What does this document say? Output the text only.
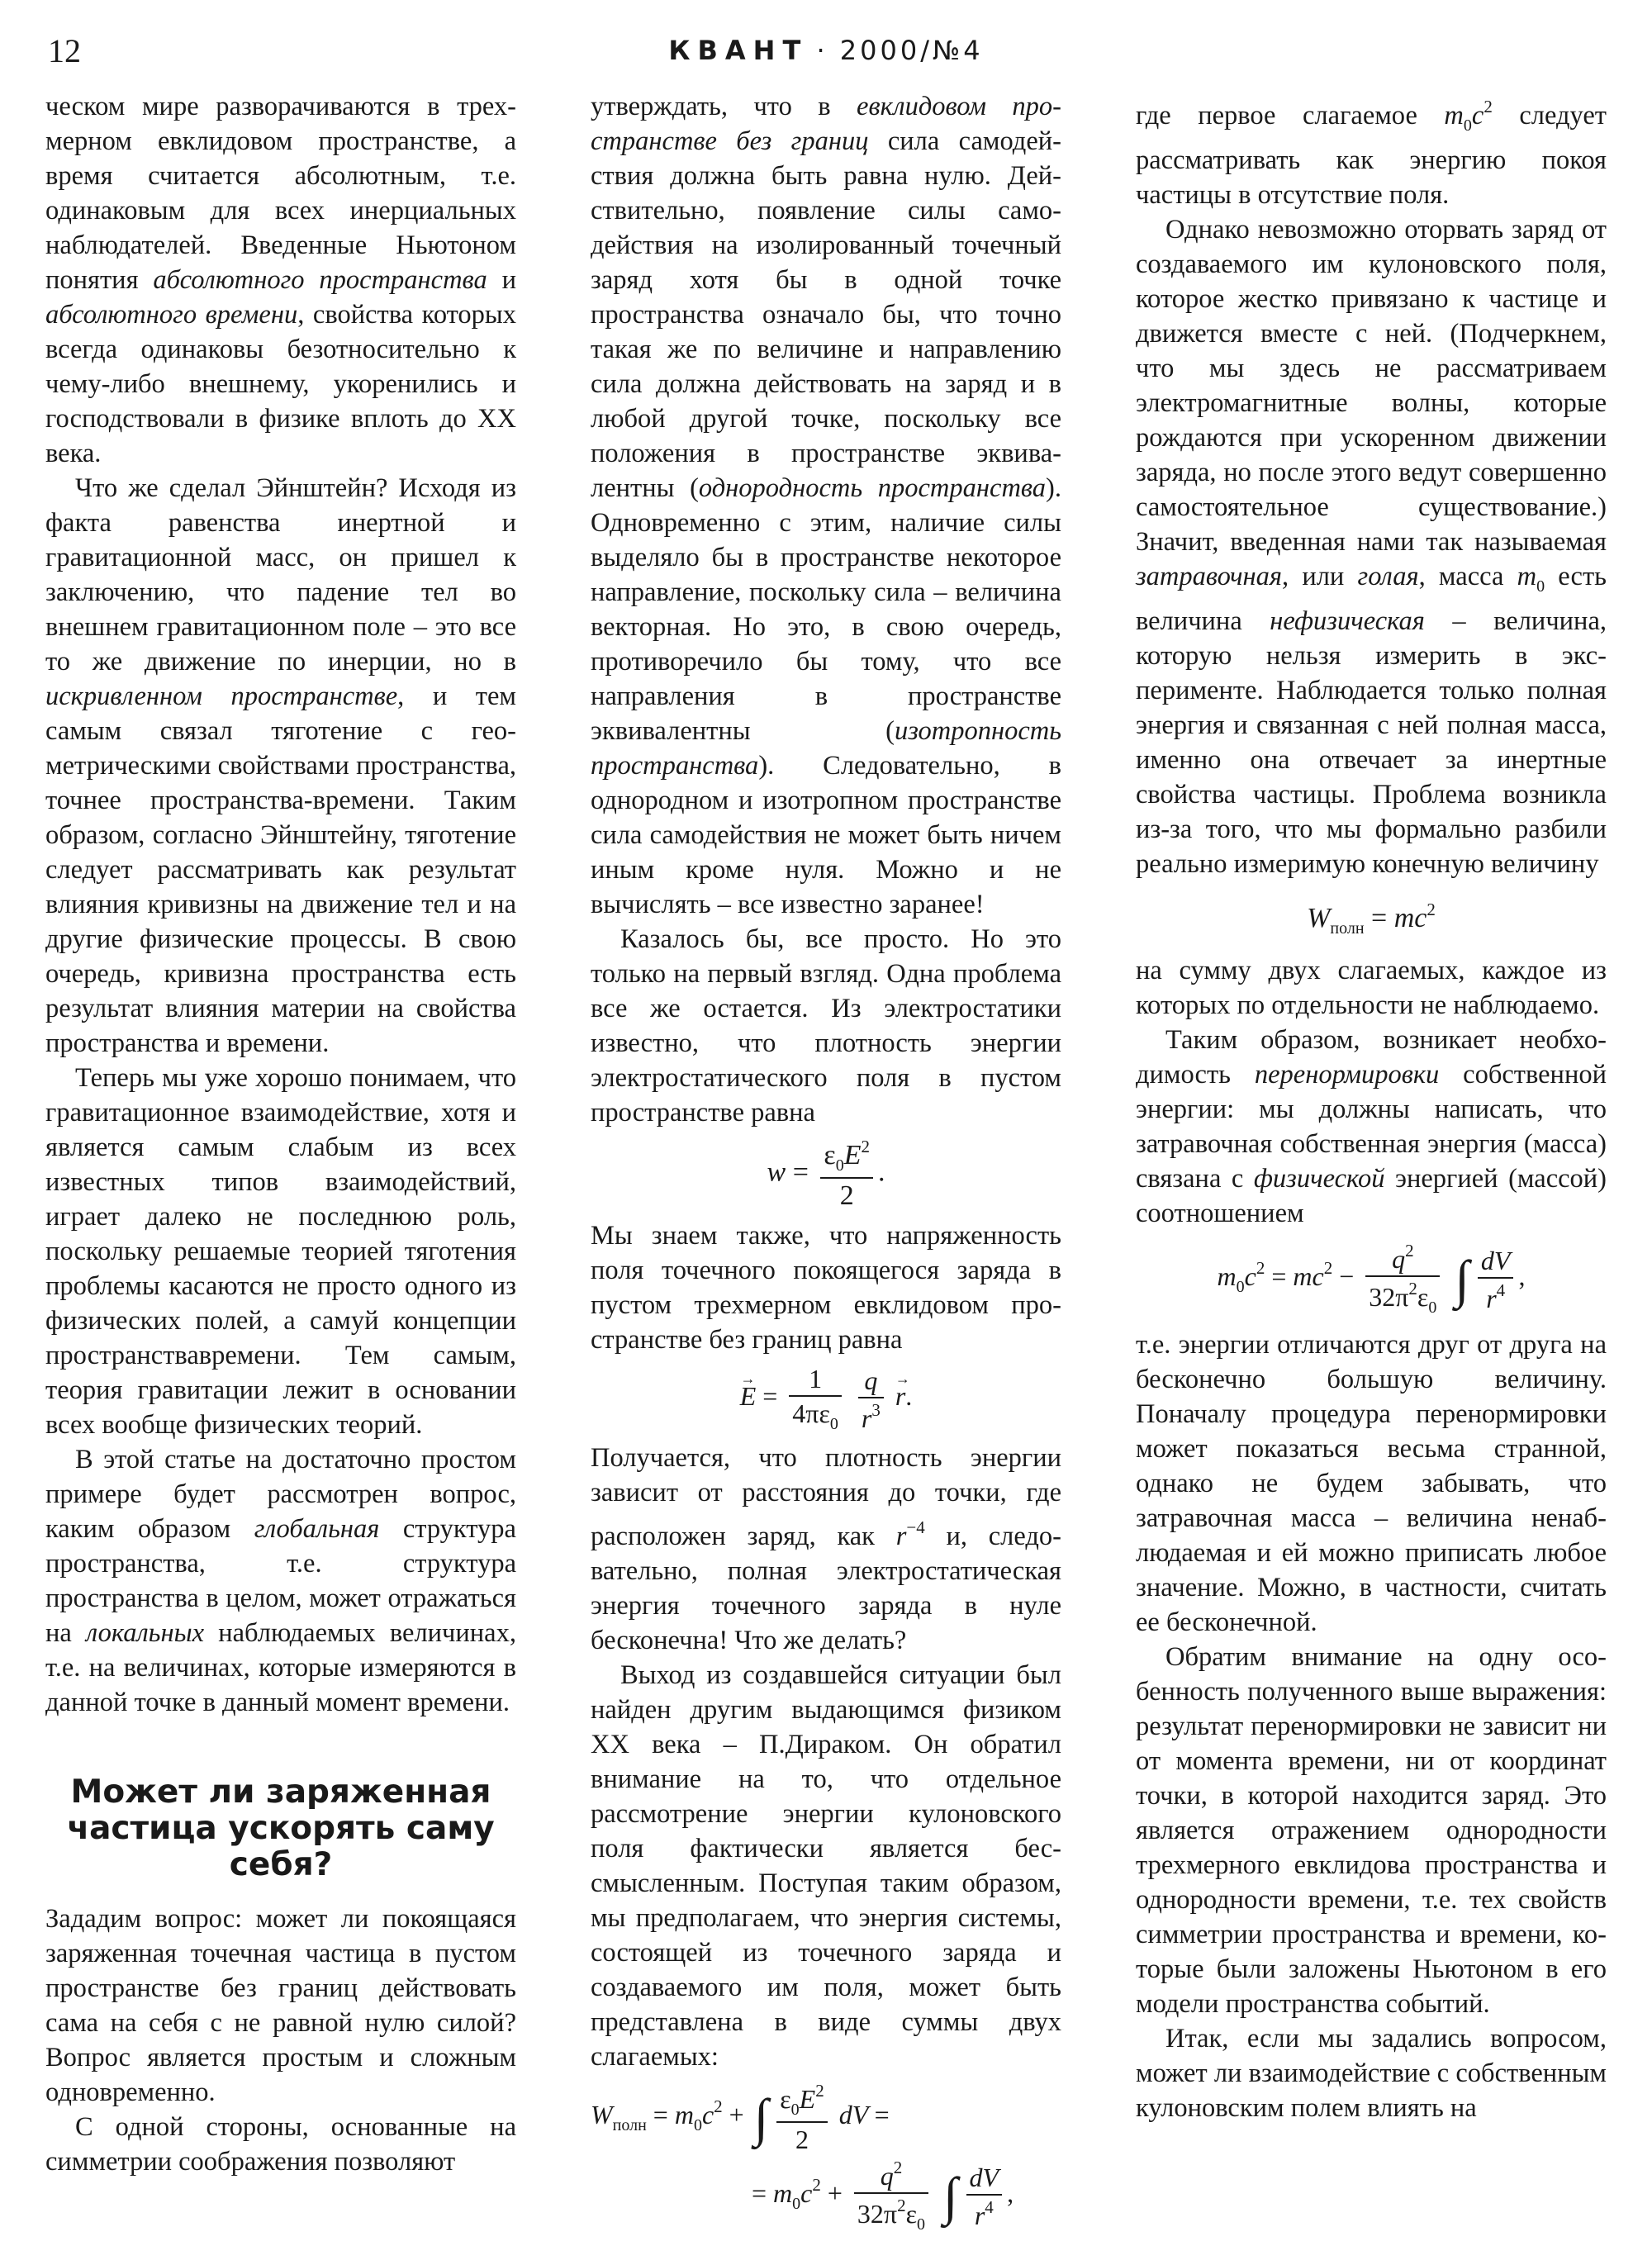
12	КВАНТ · 2000/№4

ческом мире разворачиваются в трехмерном евклидовом пространстве, а время считается абсолютным, т.е. одинаковым для всех инерциальных наблюдателей. Введенные Ньютоном понятия абсолютного пространства и абсолютного времени, свойства которых всегда одинаковы безотносительно к чему-либо внешнему, укоренились и господствовали в физике вплоть до XX века.

Что же сделал Эйнштейн? Исходя из факта равенства инертной и гравитационной масс, он пришел к заключению, что падение тел во внешнем гравитационном поле – это все то же движение по инерции, но в искривленном пространстве, и тем самым связал тяготение с геометрическими свойствами пространства, точнее пространства-времени. Таким образом, согласно Эйнштейну, тяготение следует рассматривать как результат влияния кривизны на движение тел и на другие физические процессы. В свою очередь, кривизна пространства есть результат влияния материи на свойства пространства и времени.

Теперь мы уже хорошо понимаем, что гравитационное взаимодействие, хотя и является самым слабым из всех известных типов взаимодействий, играет далеко не последнюю роль, поскольку решаемые теорией тяготения проблемы касаются не просто одного из физических полей, а самуй концепции пространствавремени. Тем самым, теория гравитации лежит в основании всех вообще физических теорий.

В этой статье на достаточно простом примере будет рассмотрен вопрос, каким образом глобальная структура пространства, т.е. структура пространства в целом, может отражаться на локальных наблюдаемых величинах, т.е. на величинах, которые измеряются в данной точке в данный момент времени.

Может ли заряженная частица ускорять саму себя?

Зададим вопрос: может ли покоящаяся заряженная точечная частица в пустом пространстве без границ действовать сама на себя с не равной нулю силой? Вопрос является простым и сложным одновременно.

С одной стороны, основанные на симметрии соображения позволяют

утверждать, что в евклидовом пространстве без границ сила самодействия должна быть равна нулю. Действительно, появление силы самодействия на изолированный точечный заряд хотя бы в одной точке пространства означало бы, что точно такая же по величине и направлению сила должна действовать на заряд и в любой другой точке, поскольку все положения в пространстве эквивалентны (однородность пространства). Одновременно с этим, наличие силы выделяло бы в пространстве некоторое направление, поскольку сила – величина векторная. Но это, в свою очередь, противоречило бы тому, что все направления в пространстве эквивалентны (изотропность пространства). Следовательно, в однородном и изотропном пространстве сила самодействия не может быть ничем иным кроме нуля. Можно и не вычислять – все известно заранее!

Казалось бы, все просто. Но это только на первый взгляд. Одна проблема все же остается. Из электростатики известно, что плотность энергии электростатического поля в пустом пространстве равна

$w = \frac{\varepsilon_0E^2}{2}$ .

Мы знаем также, что напряженность поля точечного покоящегося заряда в пустом трехмерном евклидовом пространстве без границ равна

→ $E = \frac{1}{4\pi\varepsilon_0}$
$\frac{q}{r^3}$
→ r.

Получается, что плотность энергии зависит от расстояния до точки, где расположен заряд, как $r^{-4}$ и, следовательно, полная электростатическая энергия точечного заряда в нуле бесконечна! Что же делать?

Выход из создавшейся ситуации был найден другим выдающимся физиком XX века – П.Дираком. Он обратил внимание на то, что отдельное рассмотрение энергии кулоновского поля фактически является бессмысленным. Поступая таким образом, мы предполагаем, что энергия системы, состоящей из точечного заряда и создаваемого им поля, может быть представлена в виде суммы двух слагаемых:

$W_{полн} = m_0c^2$ + ∫ $\frac{\varepsilon_0E^2}{2}$ dV =
= $m_0c^2 + \frac{q^2}{32\pi^2\varepsilon_0}$ ∫ $\frac{dV}{r^4}$ ,

где первое слагаемое $m_0c^2$ следует рассматривать как энергию покоя частицы в отсутствие поля.

Однако невозможно оторвать заряд от создаваемого им кулоновского поля, которое жестко привязано к частице и движется вместе с ней. (Подчеркнем, что мы здесь не рассматриваем электромагнитные волны, которые рождаются при ускоренном движении заряда, но после этого ведут совершенно самостоятельное существование.) Значит, введенная нами так называемая затравочная, или голая, масса $m_0$ есть величина нефизическая – величина, которую нельзя измерить в эксперименте. Наблюдается только полная энергия и связанная с ней полная масса, именно она отвечает за инертные свойства частицы. Проблема возникла из-за того, что мы формально разбили реально измеримую конечную величину

$W_{полн} = mc^2$

на сумму двух слагаемых, каждое из которых по отдельности не наблюдаемо.

Таким образом, возникает необходимость перенормировки собственной энергии: мы должны написать, что затравочная собственная энергия (масса) связана с физической энергией (массой) соотношением

$m_0c^2 = mc^2 - \frac{q^2}{32\pi^2\varepsilon_0}$ ∫ $\frac{dV}{r^4}$ ,

т.е. энергии отличаются друг от друга на бесконечно большую величину. Поначалу процедура перенормировки может показаться весьма странной, однако не будем забывать, что затравочная масса – величина ненаблюдаемая и ей можно приписать любое значение. Можно, в частности, считать ее бесконечной.

Обратим внимание на одну особенность полученного выше выражения: результат перенормировки не зависит ни от момента времени, ни от координат точки, в которой находится заряд. Это является отражением однородности трехмерного евклидова пространства и однородности времени, т.е. тех свойств симметрии пространства и времени, которые были заложены Ньютоном в его модели пространства событий.

Итак, если мы задались вопросом, может ли взаимодействие с собственным кулоновским полем влиять на
